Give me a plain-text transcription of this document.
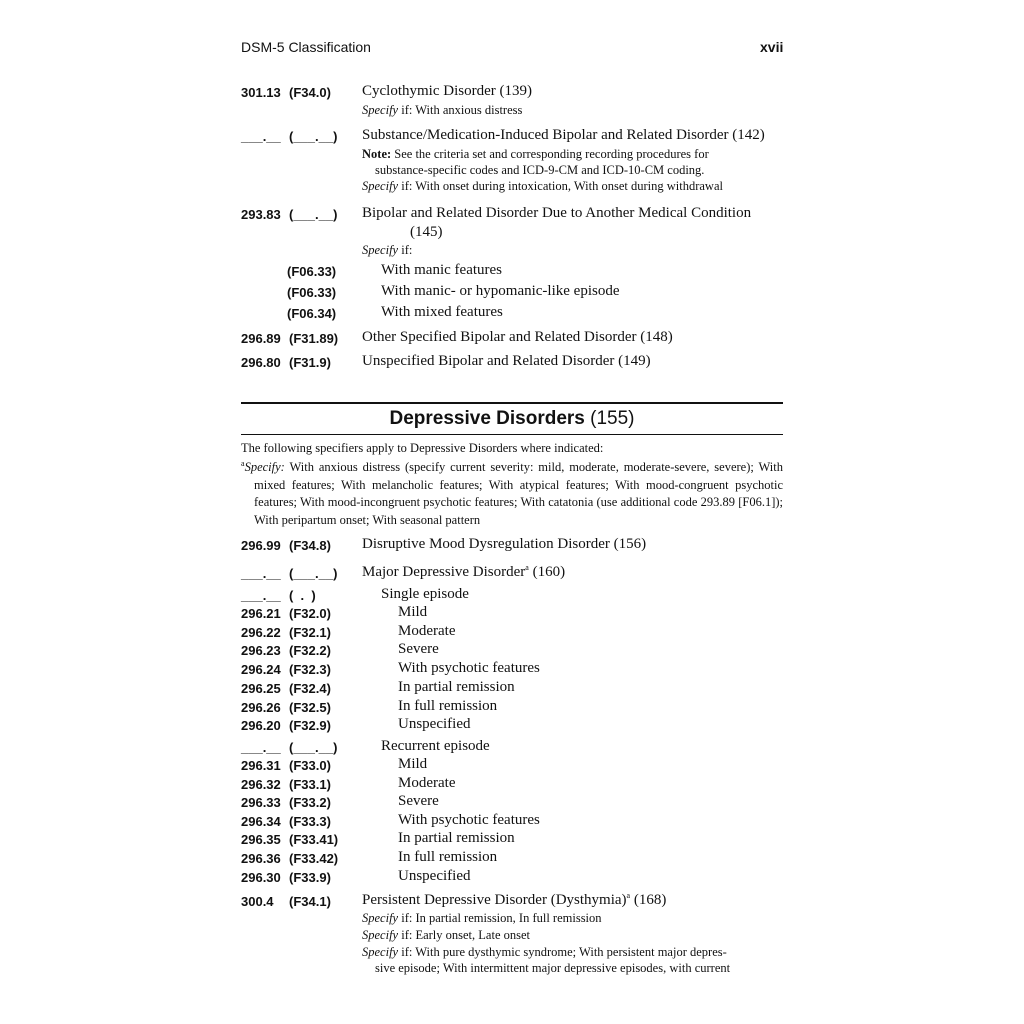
DSM-5 Classification	xvii
301.13 (F34.0) Cyclothymic Disorder (139)
Specify if: With anxious distress
___.__ (___.__) Substance/Medication-Induced Bipolar and Related Disorder (142)
Note: See the criteria set and corresponding recording procedures for
substance-specific codes and ICD-9-CM and ICD-10-CM coding.
Specify if: With onset during intoxication, With onset during withdrawal
293.83 (___.__) Bipolar and Related Disorder Due to Another Medical Condition
(145)
Specify if:
(F06.33)	With manic features
(F06.33)	With manic- or hypomanic-like episode
(F06.34)	With mixed features
296.89 (F31.89) Other Specified Bipolar and Related Disorder (148)
296.80 (F31.9) Unspecified Bipolar and Related Disorder (149)
Depressive Disorders (155)
The following specifiers apply to Depressive Disorders where indicated:
$^a$Specify: With anxious distress (specify current severity: mild, moderate, moderate-severe, severe); With mixed features; With melancholic features; With atypical features; With mood-congruent psychotic features; With mood-incongruent psychotic features; With catatonia (use additional code 293.89 [F06.1]); With peripartum onset; With seasonal pattern
296.99 (F34.8) Disruptive Mood Dysregulation Disorder (156)
___.__ (___.__) Major Depressive Disorder$^a$ (160)
___.__ (  .  )	Single episode
296.21 (F32.0)	Mild
296.22 (F32.1)	Moderate
296.23 (F32.2)	Severe
296.24 (F32.3)	With psychotic features
296.25 (F32.4)	In partial remission
296.26 (F32.5)	In full remission
296.20 (F32.9)	Unspecified
___.__ (___.__)	Recurrent episode
296.31 (F33.0)	Mild
296.32 (F33.1)	Moderate
296.33 (F33.2)	Severe
296.34 (F33.3)	With psychotic features
296.35 (F33.41)	In partial remission
296.36 (F33.42)	In full remission
296.30 (F33.9)	Unspecified
300.4 (F34.1) Persistent Depressive Disorder (Dysthymia)$^a$ (168)
Specify if: In partial remission, In full remission
Specify if: Early onset, Late onset
Specify if: With pure dysthymic syndrome; With persistent major depres-
sive episode; With intermittent major depressive episodes, with current
